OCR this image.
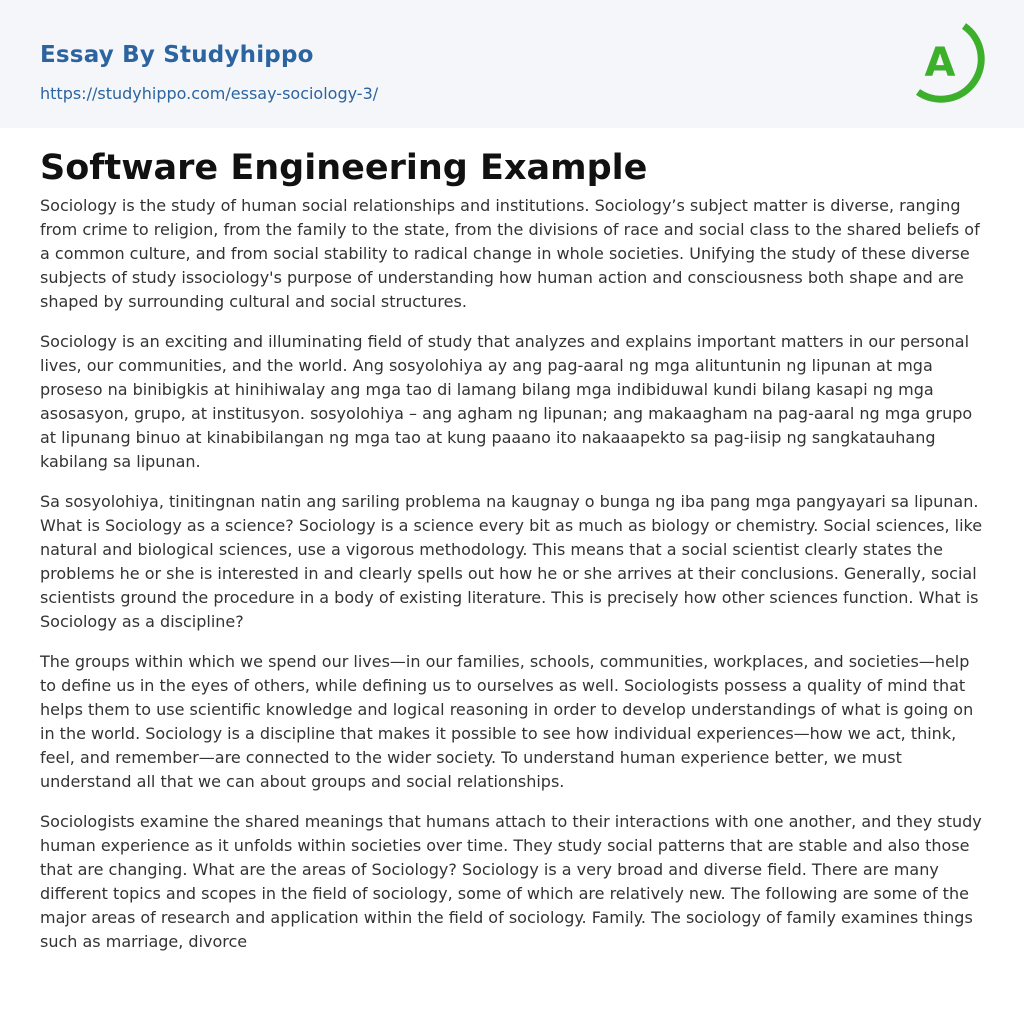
Essay By Studyhippo
https://studyhippo.com/essay-sociology-3/
A
Software Engineering Example

Sociology is the study of human social relationships and institutions. Sociology’s subject matter is diverse, ranging from crime to religion, from the family to the state, from the divisions of race and social class to the shared beliefs of a common culture, and from social stability to radical change in whole societies. Unifying the study of these diverse subjects of study issociology's purpose of understanding how human action and consciousness both shape and are shaped by surrounding cultural and social structures.

Sociology is an exciting and illuminating field of study that analyzes and explains important matters in our personal lives, our communities, and the world. Ang sosyolohiya ay ang pag-aaral ng mga alituntunin ng lipunan at mga proseso na binibigkis at hinihiwalay ang mga tao di lamang bilang mga indibiduwal kundi bilang kasapi ng mga asosasyon, grupo, at institusyon. sosyolohiya – ang agham ng lipunan; ang makaagham na pag-aaral ng mga grupo at lipunang binuo at kinabibilangan ng mga tao at kung paaano ito nakaaapekto sa pag-iisip ng sangkatauhang kabilang sa lipunan.

Sa sosyolohiya, tinitingnan natin ang sariling problema na kaugnay o bunga ng iba pang mga pangyayari sa lipunan. What is Sociology as a science? Sociology is a science every bit as much as biology or chemistry. Social sciences, like natural and biological sciences, use a vigorous methodology. This means that a social scientist clearly states the problems he or she is interested in and clearly spells out how he or she arrives at their conclusions. Generally, social scientists ground the procedure in a body of existing literature. This is precisely how other sciences function. What is Sociology as a discipline?

The groups within which we spend our lives—in our families, schools, communities, workplaces, and societies—help to define us in the eyes of others, while defining us to ourselves as well. Sociologists possess a quality of mind that helps them to use scientific knowledge and logical reasoning in order to develop understandings of what is going on in the world. Sociology is a discipline that makes it possible to see how individual experiences—how we act, think, feel, and remember—are connected to the wider society. To understand human experience better, we must understand all that we can about groups and social relationships.

Sociologists examine the shared meanings that humans attach to their interactions with one another, and they study human experience as it unfolds within societies over time. They study social patterns that are stable and also those that are changing. What are the areas of Sociology? Sociology is a very broad and diverse field. There are many different topics and scopes in the field of sociology, some of which are relatively new. The following are some of the major areas of research and application within the field of sociology. Family. The sociology of family examines things such as marriage, divorce
